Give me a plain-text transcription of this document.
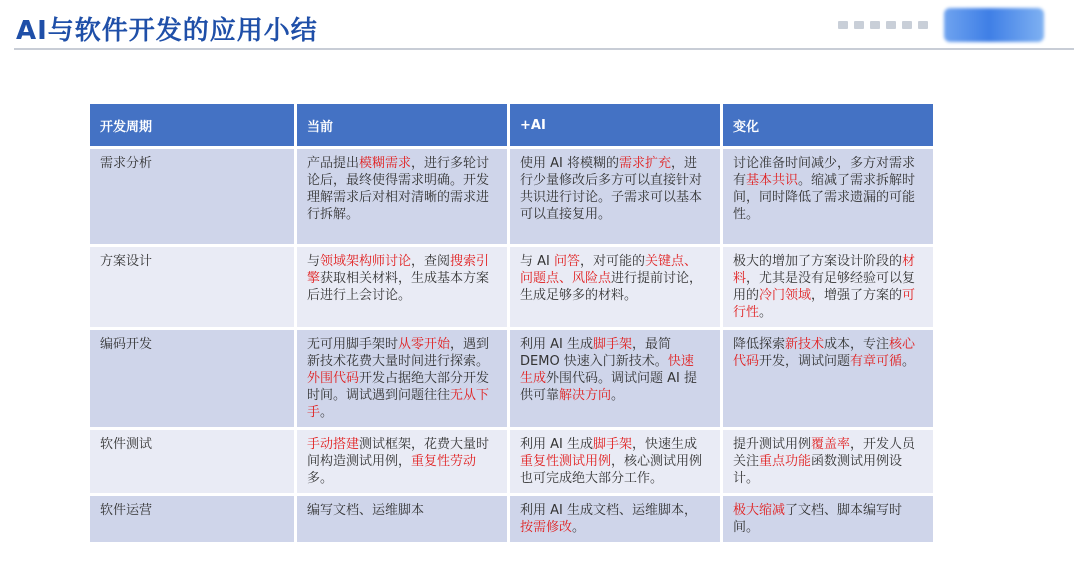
AI与软件开发的应用小结
开发周期	当前	+AI	变化
需求分析	产品提出模糊需求，进行多轮讨论后，最终使得需求明确。开发理解需求后对相对清晰的需求进行拆解。	使用 AI 将模糊的需求扩充，进行少量修改后多方可以直接针对共识进行讨论。子需求可以基本可以直接复用。	讨论准备时间减少，多方对需求有基本共识。缩减了需求拆解时间，同时降低了需求遗漏的可能性。
方案设计	与领域架构师讨论，查阅搜索引擎获取相关材料，生成基本方案后进行上会讨论。	与 AI 问答，对可能的关键点、问题点、风险点进行提前讨论，生成足够多的材料。	极大的增加了方案设计阶段的材料，尤其是没有足够经验可以复用的冷门领域，增强了方案的可行性。
编码开发	无可用脚手架时从零开始，遇到新技术花费大量时间进行探索。外围代码开发占据绝大部分开发时间。调试遇到问题往往无从下手。	利用 AI 生成脚手架，最简 DEMO 快速入门新技术。快速生成外围代码。调试问题 AI 提供可靠解决方向。	降低探索新技术成本，专注核心代码开发，调试问题有章可循。
软件测试	手动搭建测试框架，花费大量时间构造测试用例，重复性劳动多。	利用 AI 生成脚手架，快速生成重复性测试用例，核心测试用例也可完成绝大部分工作。	提升测试用例覆盖率，开发人员关注重点功能函数测试用例设计。
软件运营	编写文档、运维脚本	利用 AI 生成文档、运维脚本，按需修改。	极大缩减了文档、脚本编写时间。
